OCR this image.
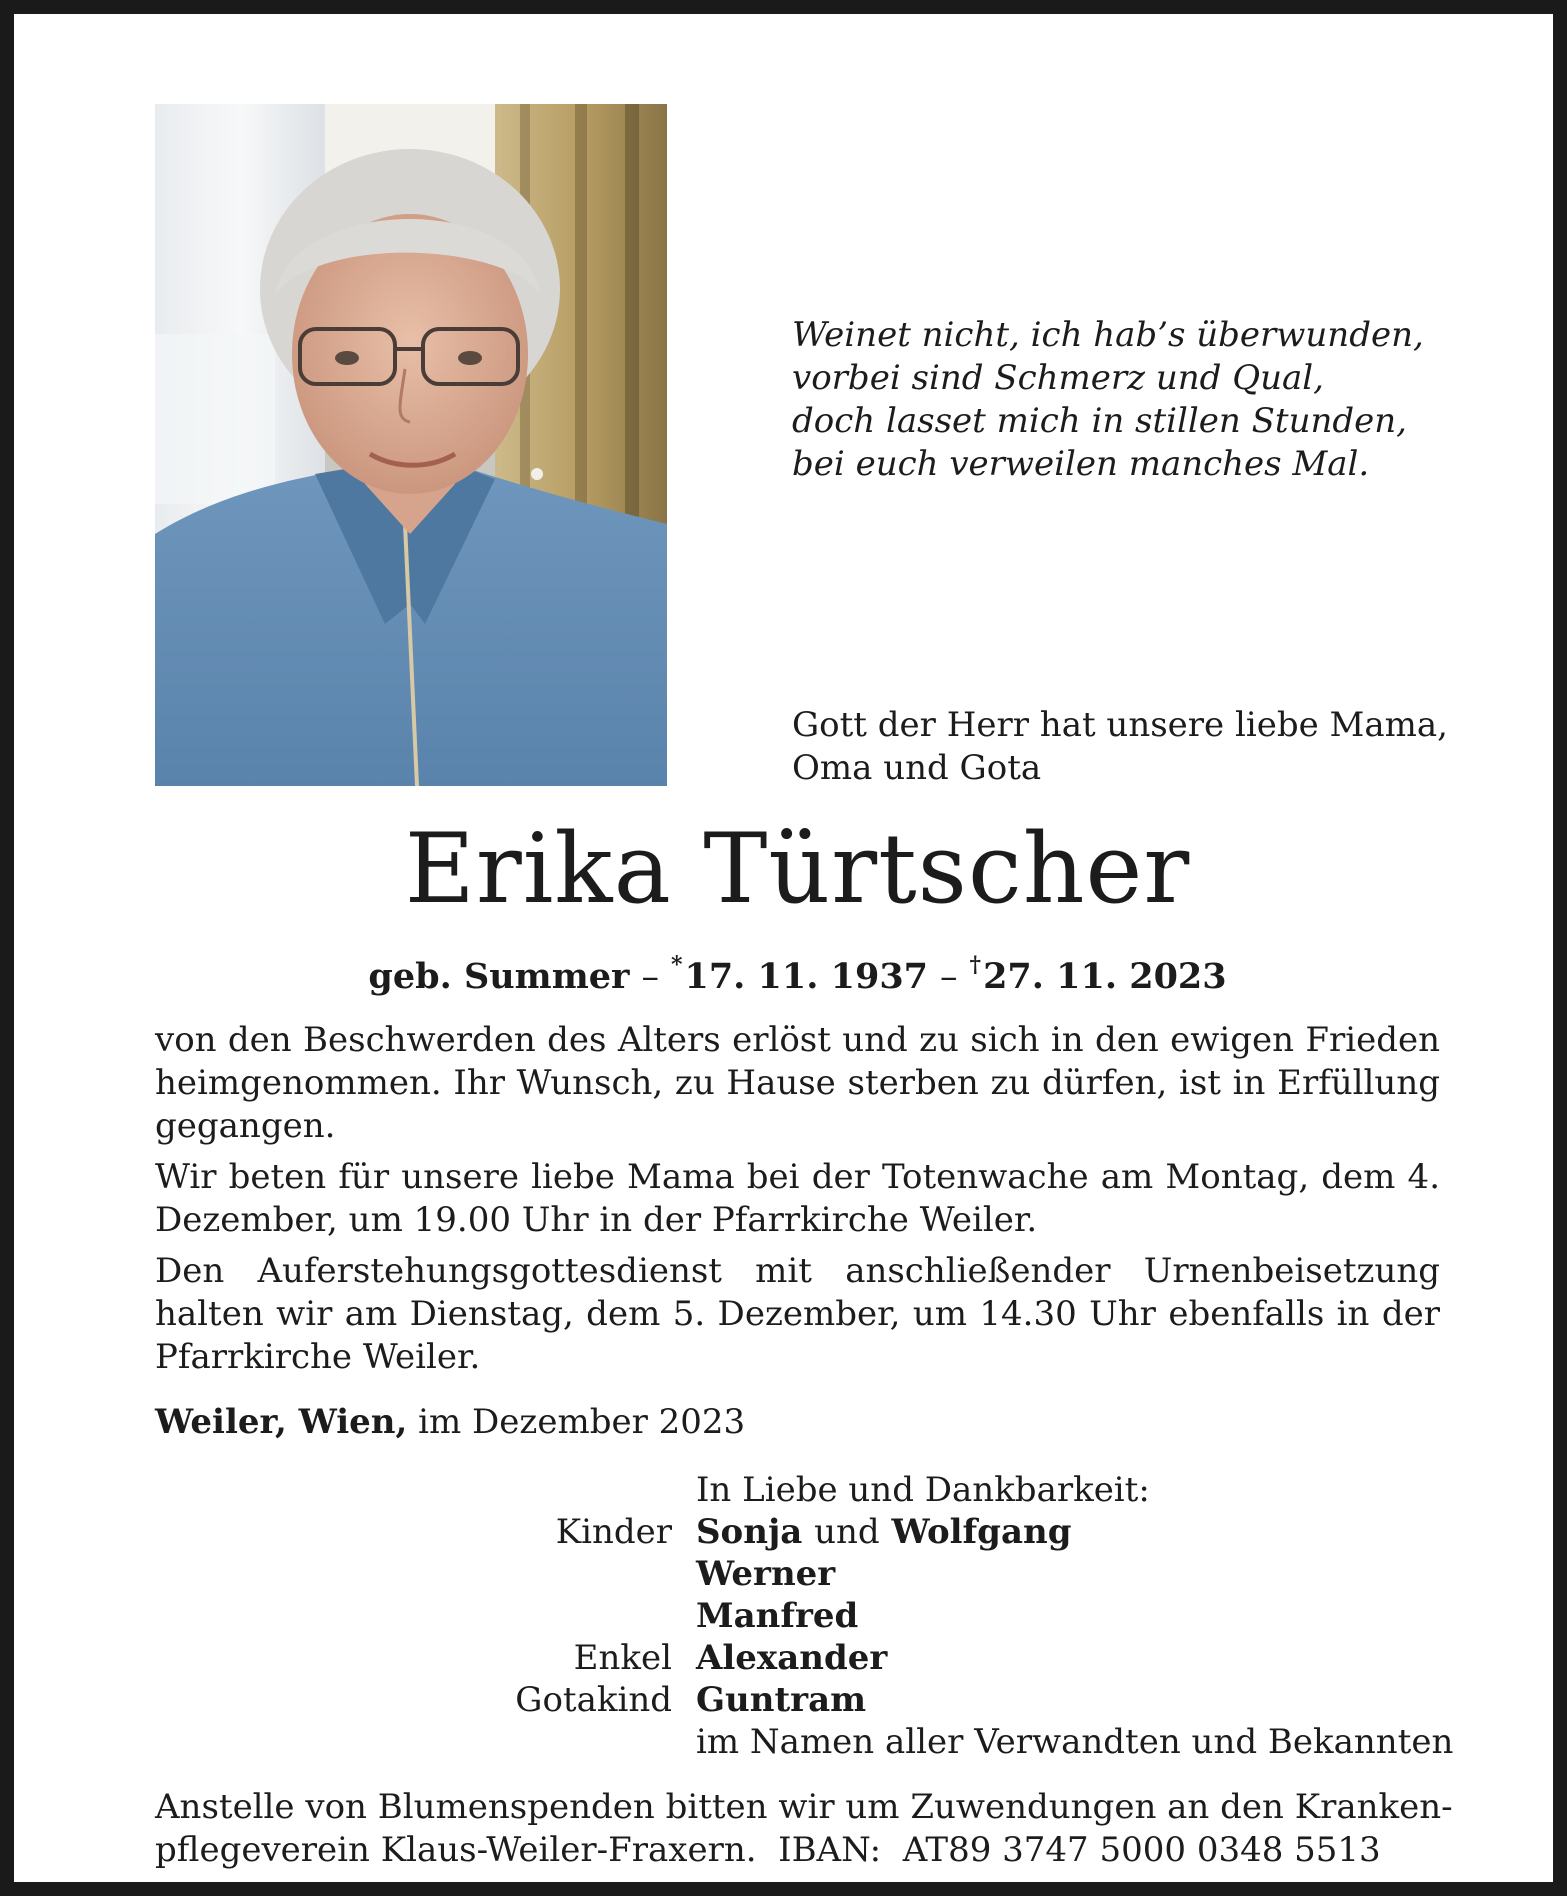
Weinet nicht, ich hab’s überwunden,
vorbei sind Schmerz und Qual,
doch lasset mich in stillen Stunden,
bei euch verweilen manches Mal.
Gott der Herr hat unsere liebe Mama,
Oma und Gota
Erika Türtscher
geb. Summer – *17. 11. 1937 – †27. 11. 2023
von den Beschwerden des Alters erlöst und zu sich in den ewigen Frieden heimgenommen. Ihr Wunsch, zu Hause sterben zu dürfen, ist in Erfüllung gegangen.
Wir beten für unsere liebe Mama bei der Totenwache am Montag, dem 4. Dezember, um 19.00 Uhr in der Pfarrkirche Weiler.
Den Auferstehungsgottesdienst mit anschließender Urnenbeisetzung halten wir am Dienstag, dem 5. Dezember, um 14.30 Uhr ebenfalls in der Pfarrkirche Weiler.
Weiler, Wien, im Dezember 2023
In Liebe und Dankbarkeit:
Kinder Sonja und Wolfgang
Werner
Manfred
Enkel Alexander
Gotakind Guntram
im Namen aller Verwandten und Bekannten
Anstelle von Blumenspenden bitten wir um Zuwendungen an den Kranken-
pflegeverein Klaus-Weiler-Fraxern.  IBAN:  AT89 3747 5000 0348 5513
